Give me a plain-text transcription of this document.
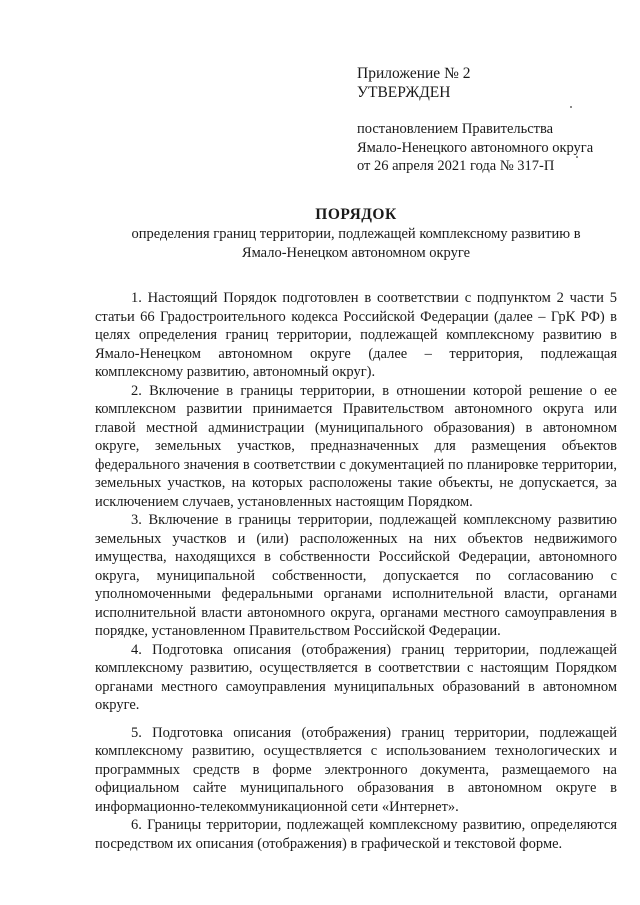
Приложение № 2
УТВЕРЖДЕН
постановлением Правительства
Ямало-Ненецкого автономного округа
от 26 апреля 2021 года № 317-П
ПОРЯДОК
определения границ территории, подлежащей комплексному развитию в
Ямало-Ненецком автономном округе

1. Настоящий Порядок подготовлен в соответствии с подпунктом 2 части 5 статьи 66 Градостроительного кодекса Российской Федерации (далее – ГрК РФ) в целях определения границ территории, подлежащей комплексному развитию в Ямало-Ненецком автономном округе (далее – территория, подлежащая комплексному развитию, автономный округ).

2. Включение в границы территории, в отношении которой решение о ее комплексном развитии принимается Правительством автономного округа или главой местной администрации (муниципального образования) в автономном округе, земельных участков, предназначенных для размещения объектов федерального значения в соответствии с документацией по планировке территории, земельных участков, на которых расположены такие объекты, не допускается, за исключением случаев, установленных настоящим Порядком.

3. Включение в границы территории, подлежащей комплексному развитию земельных участков и (или) расположенных на них объектов недвижимого имущества, находящихся в собственности Российской Федерации, автономного округа, муниципальной собственности, допускается по согласованию с уполномоченными федеральными органами исполнительной власти, органами исполнительной власти автономного округа, органами местного самоуправления в порядке, установленном Правительством Российской Федерации.

4. Подготовка описания (отображения) границ территории, подлежащей комплексному развитию, осуществляется в соответствии с настоящим Порядком органами местного самоуправления муниципальных образований в автономном округе.

5. Подготовка описания (отображения) границ территории, подлежащей комплексному развитию, осуществляется с использованием технологических и программных средств в форме электронного документа, размещаемого на официальном сайте муниципального образования в автономном округе в информационно-телекоммуникационной сети «Интернет».

6. Границы территории, подлежащей комплексному развитию, определяются посредством их описания (отображения) в графической и текстовой форме.
